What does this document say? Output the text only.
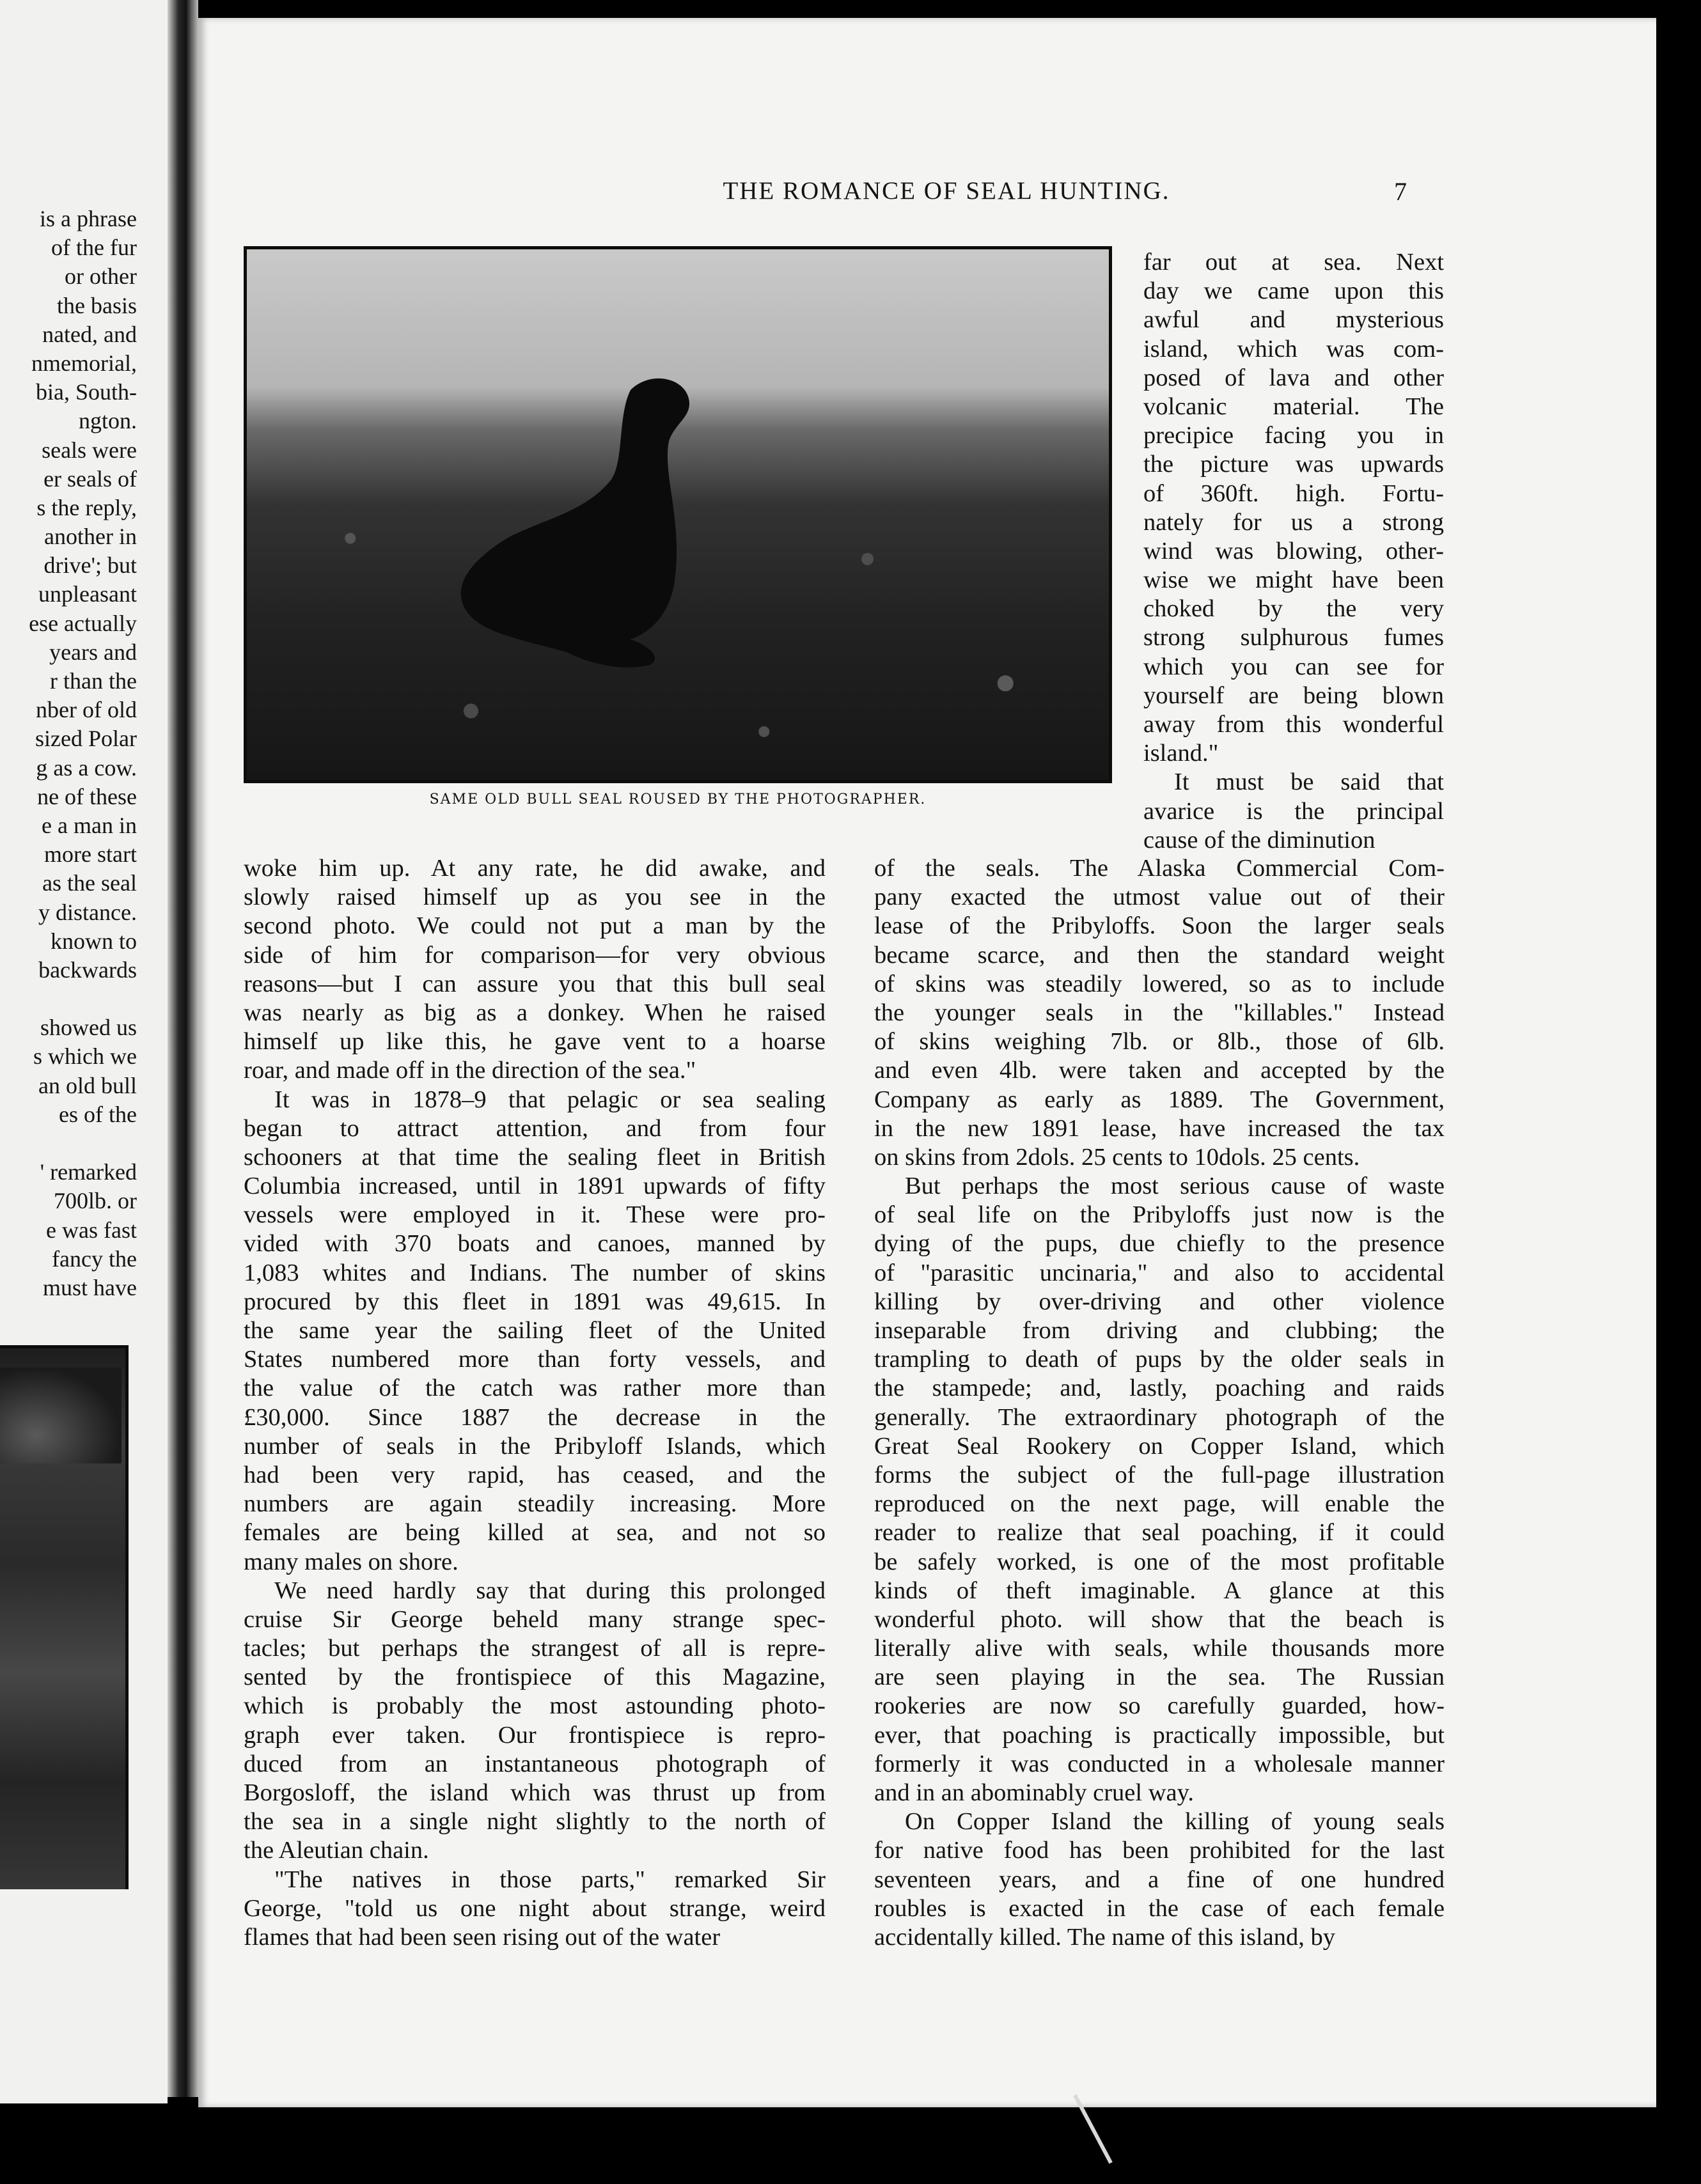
is a phrase
of the fur
or other
the basis
nated, and
nmemorial,
bia, South-
ngton.
seals were
er seals of
s the reply,
another in
drive'; but
unpleasant
ese actually
years and
r than the
nber of old
sized Polar
g as a cow.
ne of these
e a man in
more start
as the seal
y distance.
known to
backwards
showed us
s which we
an old bull
es of the
' remarked
700lb. or
e was fast
fancy the
must have
THE ROMANCE OF SEAL HUNTING.	7
SAME OLD BULL SEAL ROUSED BY THE PHOTOGRAPHER.
far out at sea. Next
day we came upon this
awful and mysterious
island, which was com-
posed of lava and other
volcanic material. The
precipice facing you in
the picture was upwards
of 360ft. high. Fortu-
nately for us a strong
wind was blowing, other-
wise we might have been
choked by the very
strong sulphurous fumes
which you can see for
yourself are being blown
away from this wonderful
island."
It must be said that
avarice is the principal
cause of the diminution
woke him up. At any rate, he did awake, and
slowly raised himself up as you see in the
second photo. We could not put a man by the
side of him for comparison—for very obvious
reasons—but I can assure you that this bull seal
was nearly as big as a donkey. When he raised
himself up like this, he gave vent to a hoarse
roar, and made off in the direction of the sea."
It was in 1878–9 that pelagic or sea sealing
began to attract attention, and from four
schooners at that time the sealing fleet in British
Columbia increased, until in 1891 upwards of fifty
vessels were employed in it. These were pro-
vided with 370 boats and canoes, manned by
1,083 whites and Indians. The number of skins
procured by this fleet in 1891 was 49,615. In
the same year the sailing fleet of the United
States numbered more than forty vessels, and
the value of the catch was rather more than
£30,000. Since 1887 the decrease in the
number of seals in the Pribyloff Islands, which
had been very rapid, has ceased, and the
numbers are again steadily increasing. More
females are being killed at sea, and not so
many males on shore.
We need hardly say that during this prolonged
cruise Sir George beheld many strange spec-
tacles; but perhaps the strangest of all is repre-
sented by the frontispiece of this Magazine,
which is probably the most astounding photo-
graph ever taken. Our frontispiece is repro-
duced from an instantaneous photograph of
Borgosloff, the island which was thrust up from
the sea in a single night slightly to the north of
the Aleutian chain.
"The natives in those parts," remarked Sir
George, "told us one night about strange, weird
flames that had been seen rising out of the water
of the seals. The Alaska Commercial Com-
pany exacted the utmost value out of their
lease of the Pribyloffs. Soon the larger seals
became scarce, and then the standard weight
of skins was steadily lowered, so as to include
the younger seals in the "killables." Instead
of skins weighing 7lb. or 8lb., those of 6lb.
and even 4lb. were taken and accepted by the
Company as early as 1889. The Government,
in the new 1891 lease, have increased the tax
on skins from 2dols. 25 cents to 10dols. 25 cents.
But perhaps the most serious cause of waste
of seal life on the Pribyloffs just now is the
dying of the pups, due chiefly to the presence
of "parasitic uncinaria," and also to accidental
killing by over-driving and other violence
inseparable from driving and clubbing; the
trampling to death of pups by the older seals in
the stampede; and, lastly, poaching and raids
generally. The extraordinary photograph of the
Great Seal Rookery on Copper Island, which
forms the subject of the full-page illustration
reproduced on the next page, will enable the
reader to realize that seal poaching, if it could
be safely worked, is one of the most profitable
kinds of theft imaginable. A glance at this
wonderful photo. will show that the beach is
literally alive with seals, while thousands more
are seen playing in the sea. The Russian
rookeries are now so carefully guarded, how-
ever, that poaching is practically impossible, but
formerly it was conducted in a wholesale manner
and in an abominably cruel way.
On Copper Island the killing of young seals
for native food has been prohibited for the last
seventeen years, and a fine of one hundred
roubles is exacted in the case of each female
accidentally killed. The name of this island, by
